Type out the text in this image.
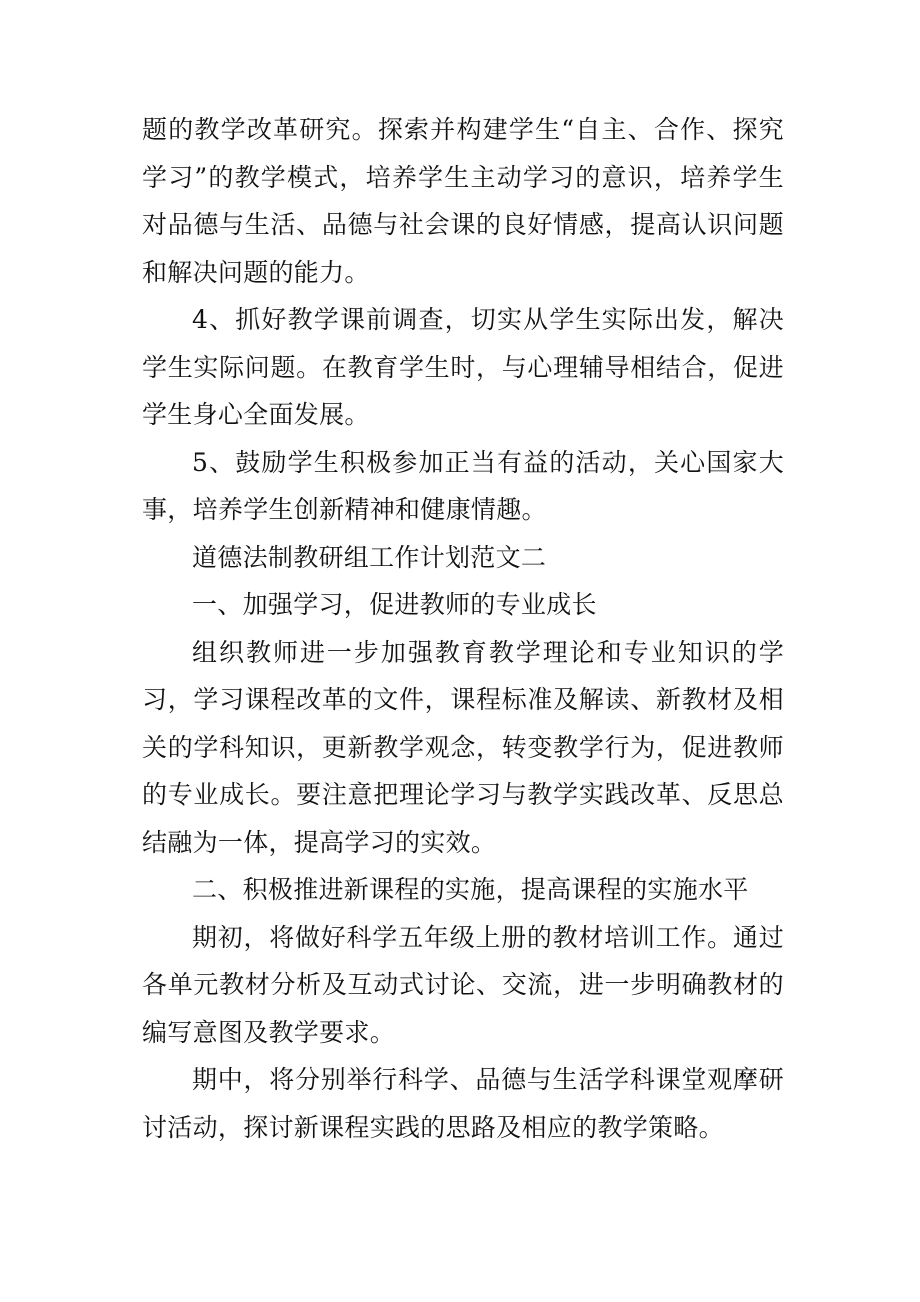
题的教学改革研究。探索并构建学生“自主、合作、探究学习”的教学模式，培养学生主动学习的意识，培养学生对品德与生活、品德与社会课的良好情感，提高认识问题和解决问题的能力。

4、抓好教学课前调查，切实从学生实际出发，解决学生实际问题。在教育学生时，与心理辅导相结合，促进学生身心全面发展。

5、鼓励学生积极参加正当有益的活动，关心国家大事，培养学生创新精神和健康情趣。

道德法制教研组工作计划范文二

一、加强学习，促进教师的专业成长

组织教师进一步加强教育教学理论和专业知识的学习，学习课程改革的文件，课程标准及解读、新教材及相关的学科知识，更新教学观念，转变教学行为，促进教师的专业成长。要注意把理论学习与教学实践改革、反思总结融为一体，提高学习的实效。

二、积极推进新课程的实施，提高课程的实施水平

期初，将做好科学五年级上册的教材培训工作。通过各单元教材分析及互动式讨论、交流，进一步明确教材的编写意图及教学要求。

期中，将分别举行科学、品德与生活学科课堂观摩研讨活动，探讨新课程实践的思路及相应的教学策略。
